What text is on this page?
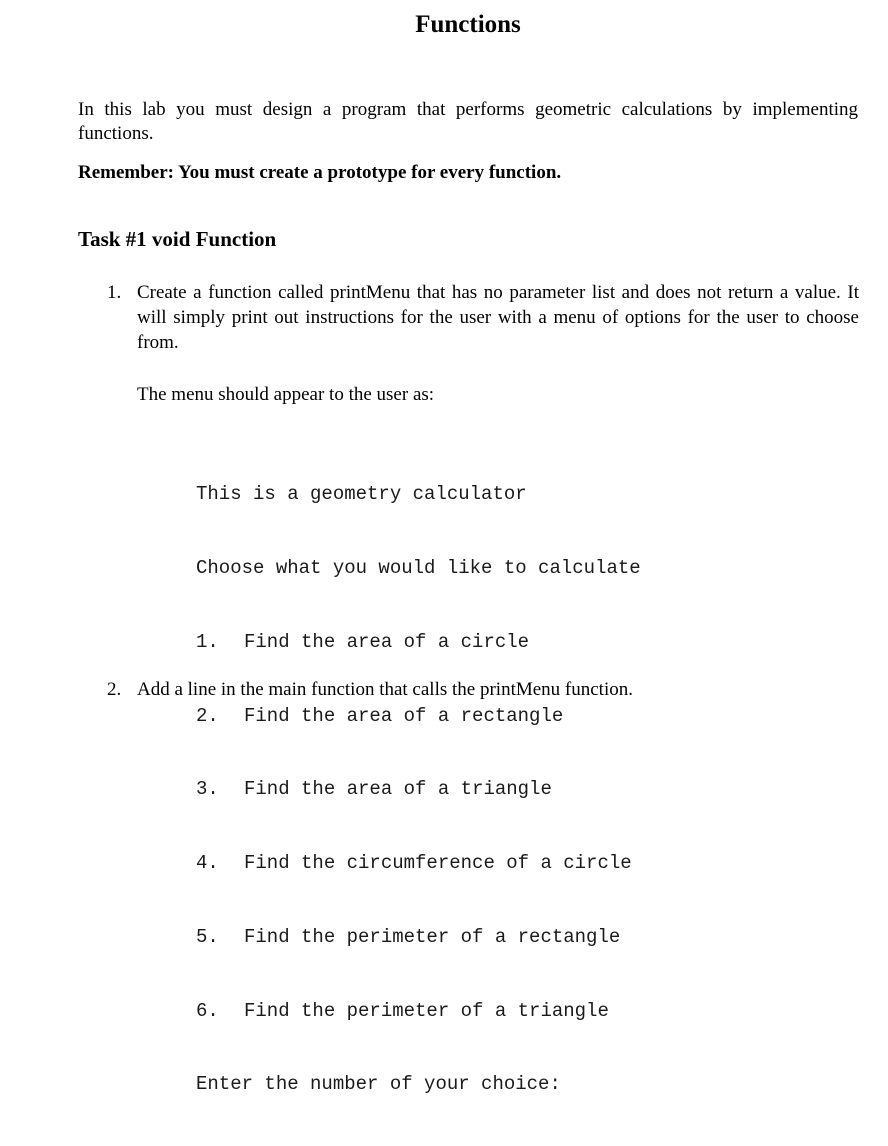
Functions
In this lab you must design a program that performs geometric calculations by implementing functions.
Remember: You must create a prototype for every function.
Task #1 void Function
1. Create a function called printMenu that has no parameter list and does not return a value. It will simply print out instructions for the user with a menu of options for the user to choose from.
The menu should appear to the user as:

This is a geometry calculator

Choose what you would like to calculate

1. Find the area of a circle

2. Find the area of a rectangle

3. Find the area of a triangle

4. Find the circumference of a circle

5. Find the perimeter of a rectangle

6. Find the perimeter of a triangle

Enter the number of your choice:

2. Add a line in the main function that calls the printMenu function.
